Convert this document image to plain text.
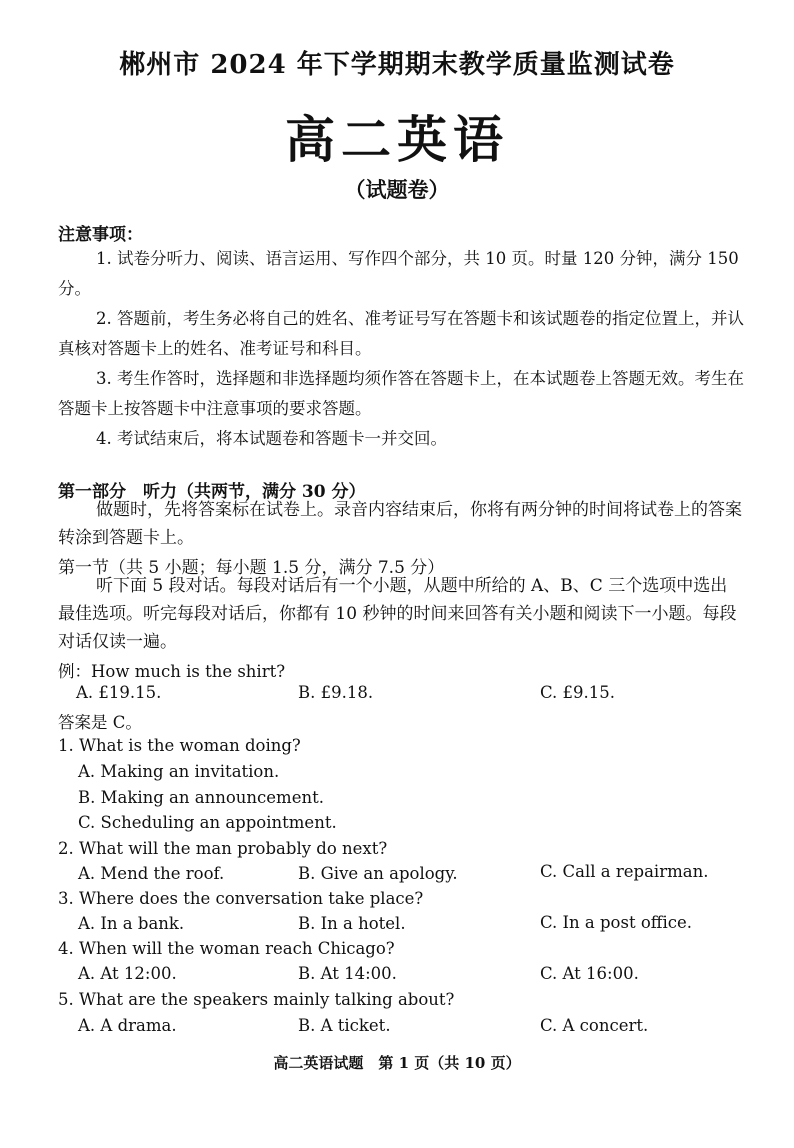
郴州市 2024 年下学期期末教学质量监测试卷
高二英语
（试题卷）
注意事项：
1. 试卷分听力、阅读、语言运用、写作四个部分，共 10 页。时量 120 分钟，满分 150 分。
2. 答题前，考生务必将自己的姓名、准考证号写在答题卡和该试题卷的指定位置上，并认真核对答题卡上的姓名、准考证号和科目。
3. 考生作答时，选择题和非选择题均须作答在答题卡上，在本试题卷上答题无效。考生在答题卡上按答题卡中注意事项的要求答题。
4. 考试结束后，将本试题卷和答题卡一并交回。
第一部分　听力（共两节，满分 30 分）
做题时，先将答案标在试卷上。录音内容结束后，你将有两分钟的时间将试卷上的答案转涂到答题卡上。
第一节（共 5 小题；每小题 1.5 分，满分 7.5 分）
听下面 5 段对话。每段对话后有一个小题，从题中所给的 A、B、C 三个选项中选出最佳选项。听完每段对话后，你都有 10 秒钟的时间来回答有关小题和阅读下一小题。每段对话仅读一遍。
例：How much is the shirt?
A. £19.15.	B. £9.18.	C. £9.15.
答案是 C。
1. What is the woman doing?
A. Making an invitation.
B. Making an announcement.
C. Scheduling an appointment.
2. What will the man probably do next?
A. Mend the roof.	B. Give an apology.	C. Call a repairman.
3. Where does the conversation take place?
A. In a bank.	B. In a hotel.	C. In a post office.
4. When will the woman reach Chicago?
A. At 12:00.	B. At 14:00.	C. At 16:00.
5. What are the speakers mainly talking about?
A. A drama.	B. A ticket.	C. A concert.
高二英语试题　第 1 页（共 10 页）
